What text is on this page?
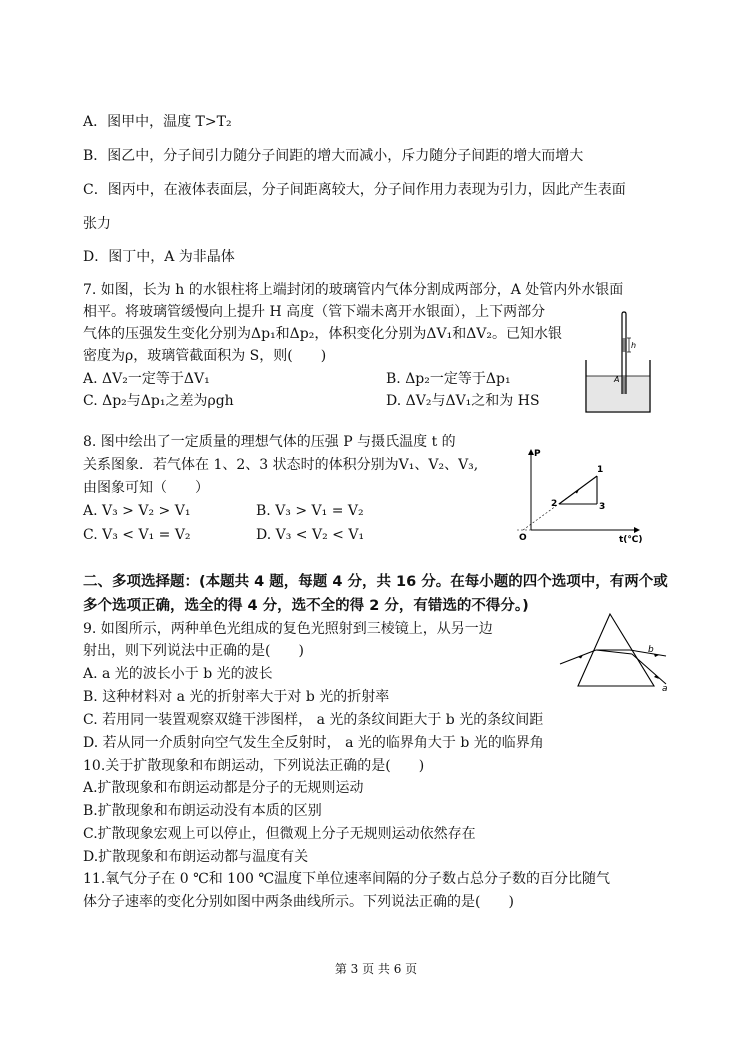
A．图甲中，温度 T>T₂
B．图乙中，分子间引力随分子间距的增大而减小，斥力随分子间距的增大而增大
C．图丙中，在液体表面层，分子间距离较大，分子间作用力表现为引力，因此产生表面
张力
D．图丁中，A 为非晶体
7. 如图，长为 h 的水银柱将上端封闭的玻璃管内气体分割成两部分，A 处管内外水银面
相平。将玻璃管缓慢向上提升 H 高度（管下端未离开水银面），上下两部分
气体的压强发生变化分别为Δp₁和Δp₂，体积变化分别为ΔV₁和ΔV₂。已知水银
密度为ρ，玻璃管截面积为 S，则(　　)
A. ΔV₂一定等于ΔV₁	B. Δp₂一定等于Δp₁
C. Δp₂与Δp₁之差为ρgh	D. ΔV₂与ΔV₁之和为 HS
h
A
8. 图中绘出了一定质量的理想气体的压强 P 与摄氏温度 t 的
关系图象．若气体在 1、2、3 状态时的体积分别为V₁、V₂、V₃,
由图象可知（　　）
A. V₃ > V₂ > V₁	B. V₃ > V₁ = V₂
C. V₃ < V₁ = V₂	D. V₃ < V₂ < V₁
P
t(℃)
O
1
2	3
二、多项选择题：(本题共 4 题，每题 4 分，共 16 分。在每小题的四个选项中，有两个或
多个选项正确，选全的得 4 分，选不全的得 2 分，有错选的不得分。)
9. 如图所示，两种单色光组成的复色光照射到三棱镜上，从另一边
射出，则下列说法中正确的是(　　)
A. a 光的波长小于 b 光的波长
B. 这种材料对 a 光的折射率大于对 b 光的折射率
C. 若用同一装置观察双缝干涉图样， a 光的条纹间距大于 b 光的条纹间距
D. 若从同一介质射向空气发生全反射时， a 光的临界角大于 b 光的临界角
b
a
10.关于扩散现象和布朗运动，下列说法正确的是(　　)
A.扩散现象和布朗运动都是分子的无规则运动
B.扩散现象和布朗运动没有本质的区别
C.扩散现象宏观上可以停止，但微观上分子无规则运动依然存在
D.扩散现象和布朗运动都与温度有关
11.氧气分子在 0 ℃和 100 ℃温度下单位速率间隔的分子数占总分子数的百分比随气
体分子速率的变化分别如图中两条曲线所示。下列说法正确的是(　　)
第 3 页 共 6 页
